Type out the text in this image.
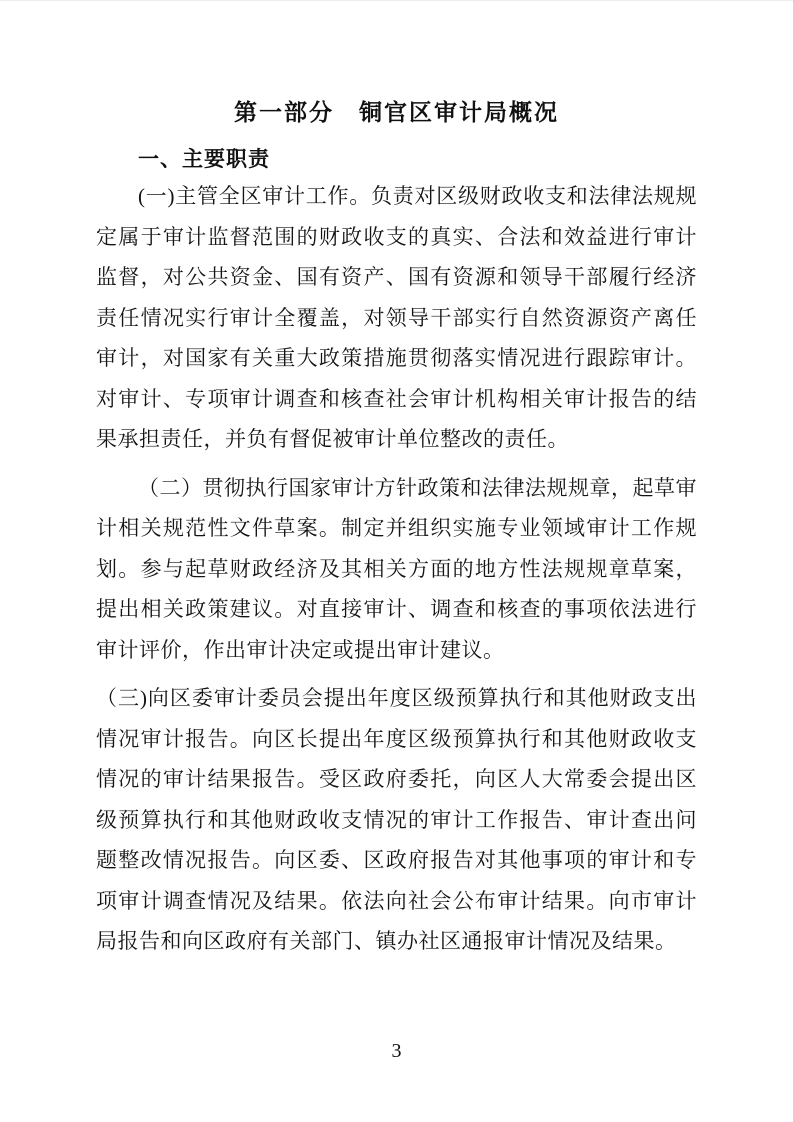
第一部分　铜官区审计局概况
一、主要职责

(一)主管全区审计工作。负责对区级财政收支和法律法规规定属于审计监督范围的财政收支的真实、合法和效益进行审计监督，对公共资金、国有资产、国有资源和领导干部履行经济责任情况实行审计全覆盖，对领导干部实行自然资源资产离任审计，对国家有关重大政策措施贯彻落实情况进行跟踪审计。对审计、专项审计调查和核查社会审计机构相关审计报告的结果承担责任，并负有督促被审计单位整改的责任。

（二）贯彻执行国家审计方针政策和法律法规规章，起草审计相关规范性文件草案。制定并组织实施专业领域审计工作规划。参与起草财政经济及其相关方面的地方性法规规章草案，提出相关政策建议。对直接审计、调查和核查的事项依法进行审计评价，作出审计决定或提出审计建议。

（三)向区委审计委员会提出年度区级预算执行和其他财政支出情况审计报告。向区长提出年度区级预算执行和其他财政收支情况的审计结果报告。受区政府委托，向区人大常委会提出区级预算执行和其他财政收支情况的审计工作报告、审计查出问题整改情况报告。向区委、区政府报告对其他事项的审计和专项审计调查情况及结果。依法向社会公布审计结果。向市审计局报告和向区政府有关部门、镇办社区通报审计情况及结果。

3
